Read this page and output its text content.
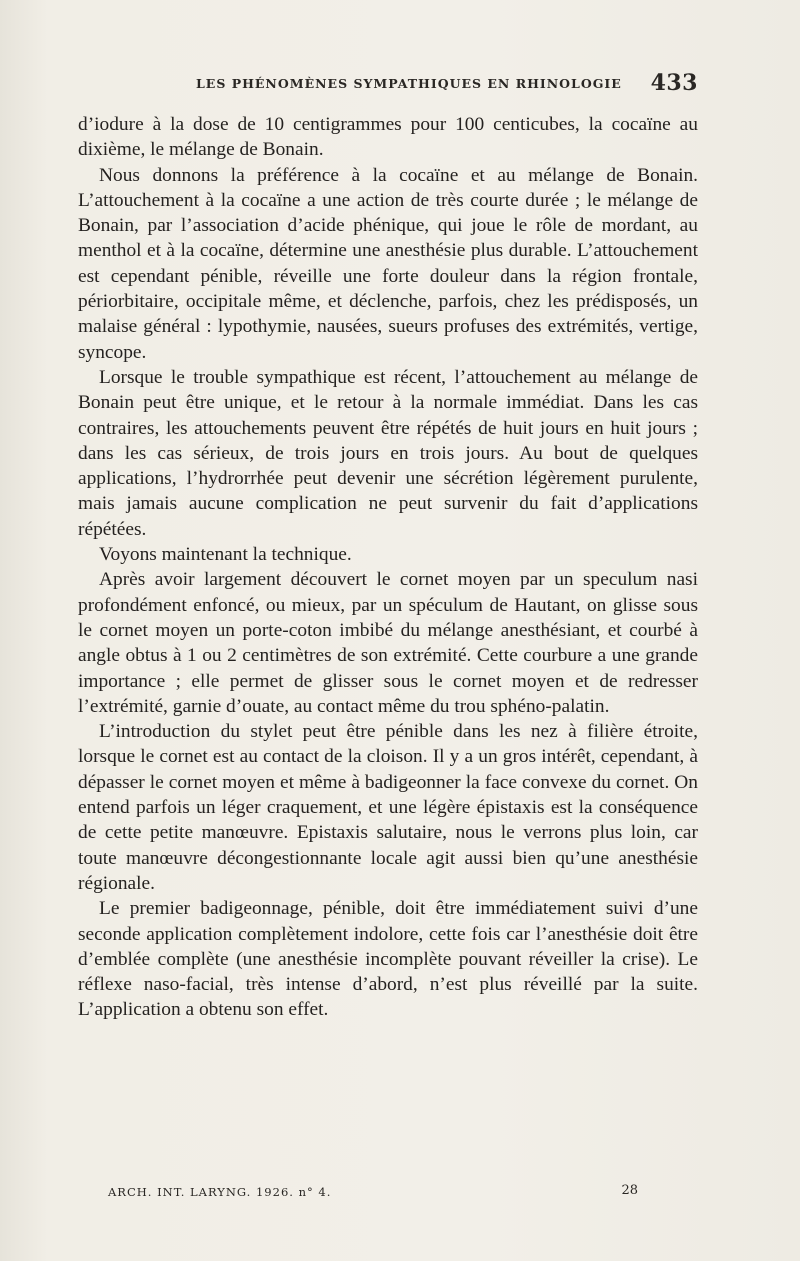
LES PHÉNOMÈNES SYMPATHIQUES EN RHINOLOGIE 433

d’iodure à la dose de 10 centigrammes pour 100 centicubes, la cocaïne au dixième, le mélange de Bonain.

Nous donnons la préférence à la cocaïne et au mélange de Bonain. L’attouchement à la cocaïne a une action de très courte durée ; le mélange de Bonain, par l’association d’acide phénique, qui joue le rôle de mordant, au menthol et à la cocaïne, détermine une anesthésie plus durable. L’attouchement est cependant pénible, réveille une forte douleur dans la région frontale, périorbitaire, occipitale même, et déclenche, parfois, chez les prédisposés, un malaise général : lypothymie, nausées, sueurs profuses des extrémités, vertige, syncope.

Lorsque le trouble sympathique est récent, l’attouchement au mélange de Bonain peut être unique, et le retour à la normale immédiat. Dans les cas contraires, les attouchements peuvent être répétés de huit jours en huit jours ; dans les cas sérieux, de trois jours en trois jours. Au bout de quelques applications, l’hydrorrhée peut devenir une sécrétion légèrement purulente, mais jamais aucune complication ne peut survenir du fait d’applications répétées.

Voyons maintenant la technique.

Après avoir largement découvert le cornet moyen par un speculum nasi profondément enfoncé, ou mieux, par un spéculum de Hautant, on glisse sous le cornet moyen un porte-coton imbibé du mélange anesthésiant, et courbé à angle obtus à 1 ou 2 centimètres de son extrémité. Cette courbure a une grande importance ; elle permet de glisser sous le cornet moyen et de redresser l’extrémité, garnie d’ouate, au contact même du trou sphéno-palatin.

L’introduction du stylet peut être pénible dans les nez à filière étroite, lorsque le cornet est au contact de la cloison. Il y a un gros intérêt, cependant, à dépasser le cornet moyen et même à badigeonner la face convexe du cornet. On entend parfois un léger craquement, et une légère épistaxis est la conséquence de cette petite manœuvre. Epistaxis salutaire, nous le verrons plus loin, car toute manœuvre décongestionnante locale agit aussi bien qu’une anesthésie régionale.

Le premier badigeonnage, pénible, doit être immédiatement suivi d’une seconde application complètement indolore, cette fois car l’anesthésie doit être d’emblée complète (une anesthésie incomplète pouvant réveiller la crise). Le réflexe naso-facial, très intense d’abord, n’est plus réveillé par la suite. L’application a obtenu son effet.

ARCH. INT. LARYNG. 1926. n° 4.	28
